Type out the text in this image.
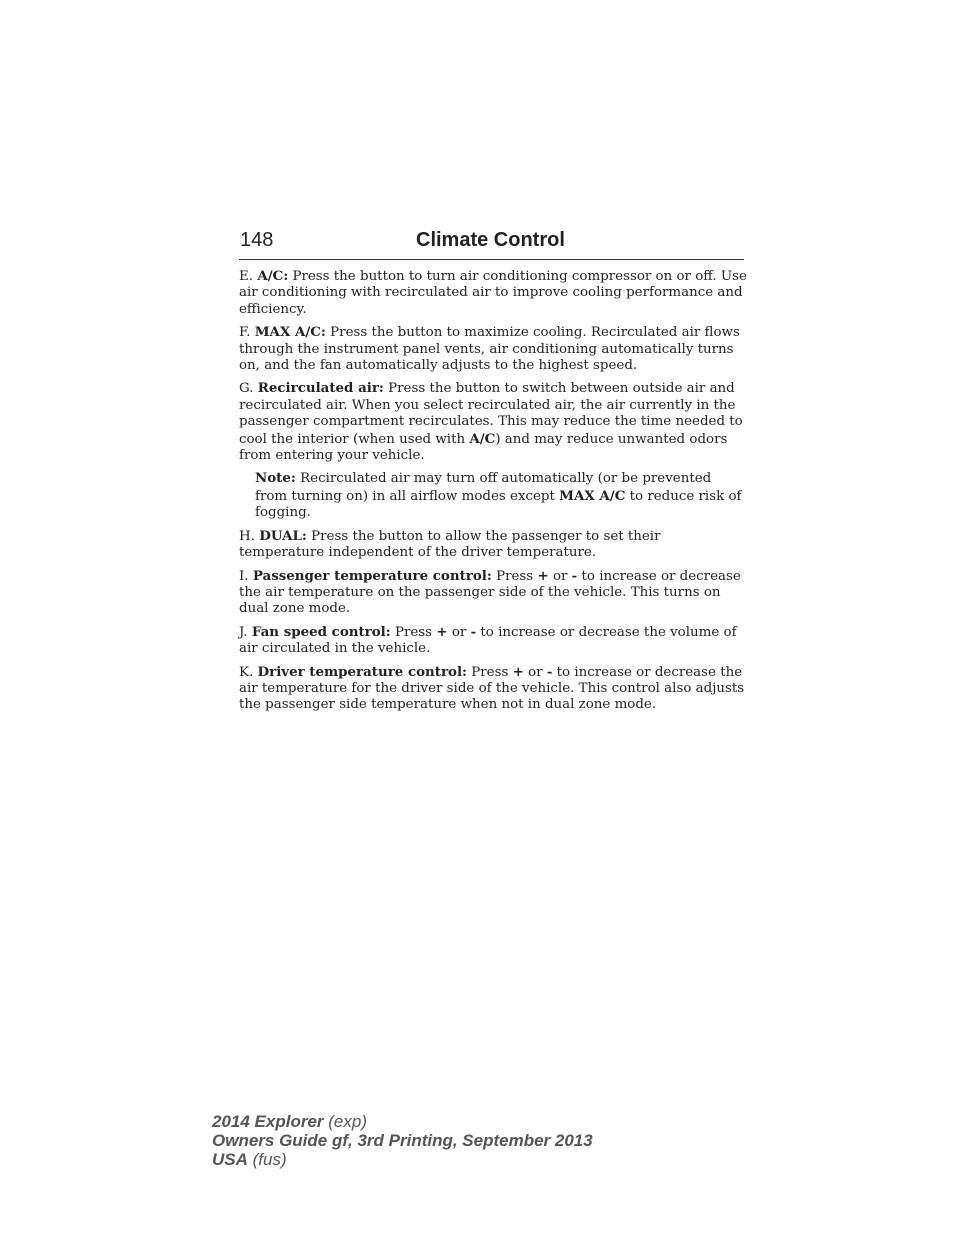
148	Climate Control

E. A/C: Press the button to turn air conditioning compressor on or off. Use air conditioning with recirculated air to improve cooling performance and efficiency.

F. MAX A/C: Press the button to maximize cooling. Recirculated air flows through the instrument panel vents, air conditioning automatically turns on, and the fan automatically adjusts to the highest speed.

G. Recirculated air: Press the button to switch between outside air and recirculated air. When you select recirculated air, the air currently in the passenger compartment recirculates. This may reduce the time needed to cool the interior (when used with A/C) and may reduce unwanted odors from entering your vehicle.

Note: Recirculated air may turn off automatically (or be prevented from turning on) in all airflow modes except MAX A/C to reduce risk of fogging.

H. DUAL: Press the button to allow the passenger to set their temperature independent of the driver temperature.

I. Passenger temperature control: Press + or - to increase or decrease the air temperature on the passenger side of the vehicle. This turns on dual zone mode.

J. Fan speed control: Press + or - to increase or decrease the volume of air circulated in the vehicle.

K. Driver temperature control: Press + or - to increase or decrease the air temperature for the driver side of the vehicle. This control also adjusts the passenger side temperature when not in dual zone mode.

2014 Explorer (exp)
Owners Guide gf, 3rd Printing, September 2013
USA (fus)
